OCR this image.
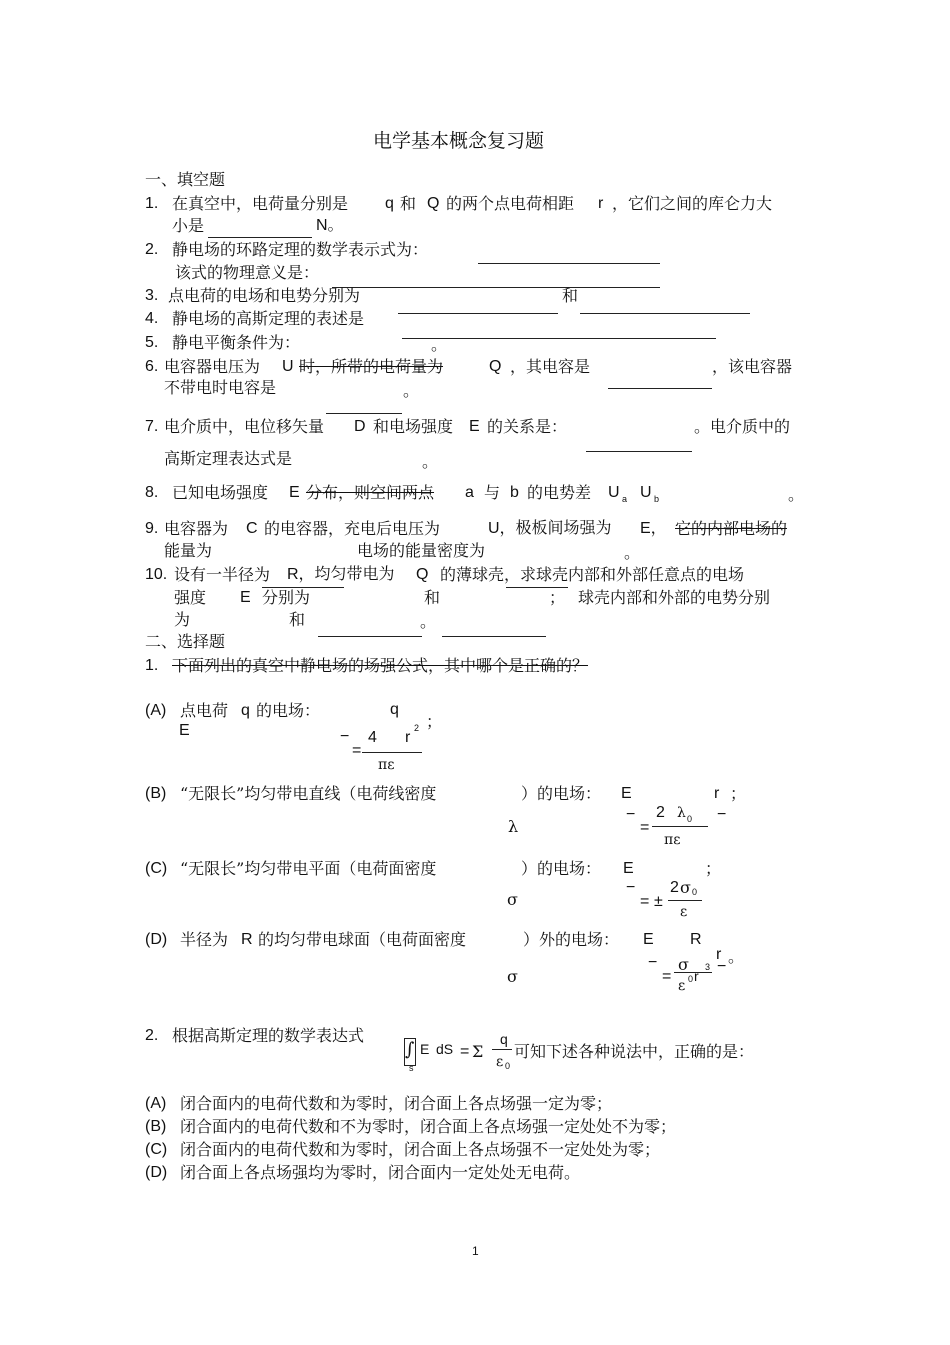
电学基本概念复习题
一、填空题
1. 在真空中，电荷量分别是 q 和 Q 的两个点电荷相距 r ，它们之间的库仑力大
小是	N。
2. 静电场的环路定理的数学表示式为：
该式的物理意义是：
3. 点电荷的电场和电势分别为	和
4. 静电场的高斯定理的表述是
5. 静电平衡条件为：	。
6. 电容器电压为 U 时，所带的电荷量为	Q ，其电容是	，该电容器
不带电时电容是	。
7. 电介质中，电位移矢量 D 和电场强度 E 的关系是：	。电介质中的
高斯定理表达式是	。
8. 已知电场强度 E 分布，则空间两点 a 与 b 的电势差 U a U b	。
9. 电容器为 C 的电容器，充电后电压为	U，极板间场强为 E， 它的内部电场的
能量为	电场的能量密度为	。
10. 设有一半径为 R，均匀带电为 Q 的薄球壳，求球壳内部和外部任意点的电场
强度 E 分别为	和	； 球壳内部和外部的电势分别
为	和	。
二、选择题
1. 下面列出的真空中静电场的场强公式，其中哪个是正确的？
(A) 点电荷 q 的电场：
E
q
；
−
=
4 r
2
πε
(B) “无限长”均匀带电直线（电荷线密度	）的电场：
λ
E	r ；
−	−
=
2 λ 0
πε
(C) “无限长”均匀带电平面（电荷面密度	）的电场：
σ
E	；
−
= ±
2 σ 0
ε
(D) 半径为 R 的均匀带电球面（电荷面密度	）外的电场：
σ
E R
r 。
−	−
=
σ
ε 0 r
3
2. 根据高斯定理的数学表达式
∫
s
E dS = Σ
q
ε 0
可知下述各种说法中，正确的是：
(A) 闭合面内的电荷代数和为零时，闭合面上各点场强一定为零；
(B) 闭合面内的电荷代数和不为零时，闭合面上各点场强一定处处不为零；
(C) 闭合面内的电荷代数和为零时，闭合面上各点场强不一定处处为零；
(D) 闭合面上各点场强均为零时，闭合面内一定处处无电荷。
1
